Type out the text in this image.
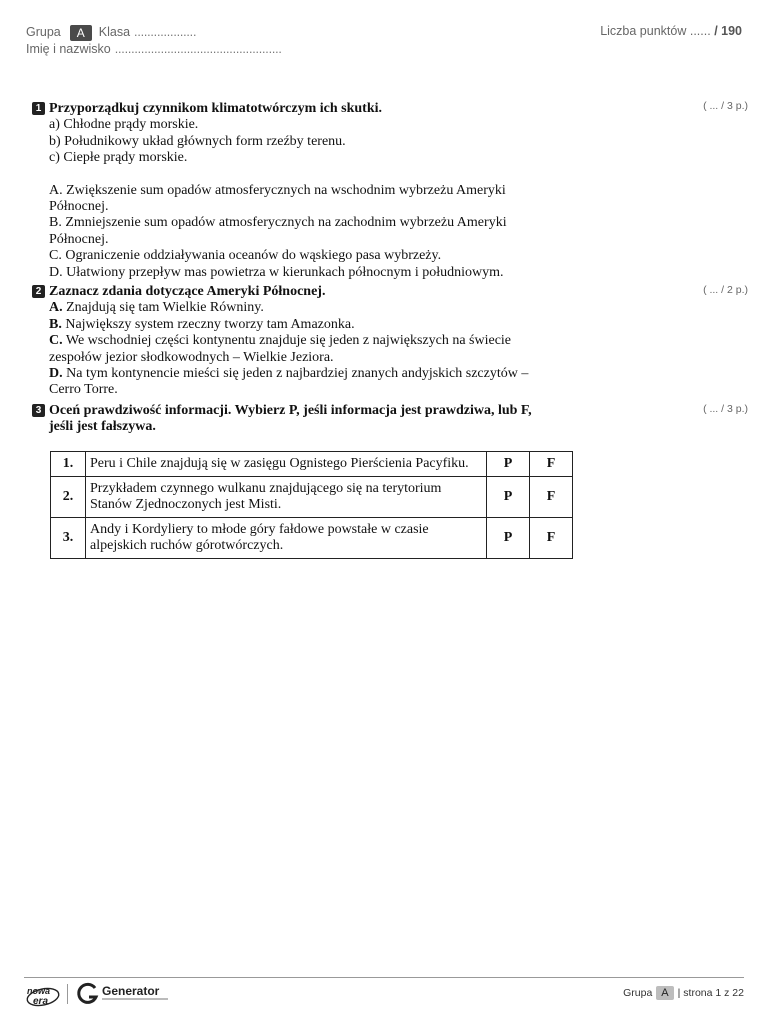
Grupa	A	Klasa ...................
Imię i nazwisko ...................................................
Liczba punktów ...... / 190
( ... / 3 p.)
1 Przyporządkuj czynnikom klimatotwórczym ich skutki.
a) Chłodne prądy morskie.
b) Południkowy układ głównych form rzeźby terenu.
c) Ciepłe prądy morskie.
A. Zwiększenie sum opadów atmosferycznych na wschodnim wybrzeżu Ameryki
Północnej.
B. Zmniejszenie sum opadów atmosferycznych na zachodnim wybrzeżu Ameryki
Północnej.
C. Ograniczenie oddziaływania oceanów do wąskiego pasa wybrzeży.
D. Ułatwiony przepływ mas powietrza w kierunkach północnym i południowym.
( ... / 2 p.)
2 Zaznacz zdania dotyczące Ameryki Północnej.
A. Znajdują się tam Wielkie Równiny.
B. Największy system rzeczny tworzy tam Amazonka.
C. We wschodniej części kontynentu znajduje się jeden z największych na świecie
zespołów jezior słodkowodnych – Wielkie Jeziora.
D. Na tym kontynencie mieści się jeden z najbardziej znanych andyjskich szczytów –
Cerro Torre.
( ... / 3 p.)
3 Oceń prawdziwość informacji. Wybierz P, jeśli informacja jest prawdziwa, lub F,
jeśli jest fałszywa.
1.	Peru i Chile znajdują się w zasięgu Ognistego Pierścienia Pacyfiku.	P	F
2.	Przykładem czynnego wulkanu znajdującego się na terytorium
Stanów Zjednoczonych jest Misti.	P	F
3.	Andy i Kordyliery to młode góry fałdowe powstałe w czasie
alpejskich ruchów górotwórczych.	P	F
nowa
era
Generator	Grupa A | strona 1 z 22
